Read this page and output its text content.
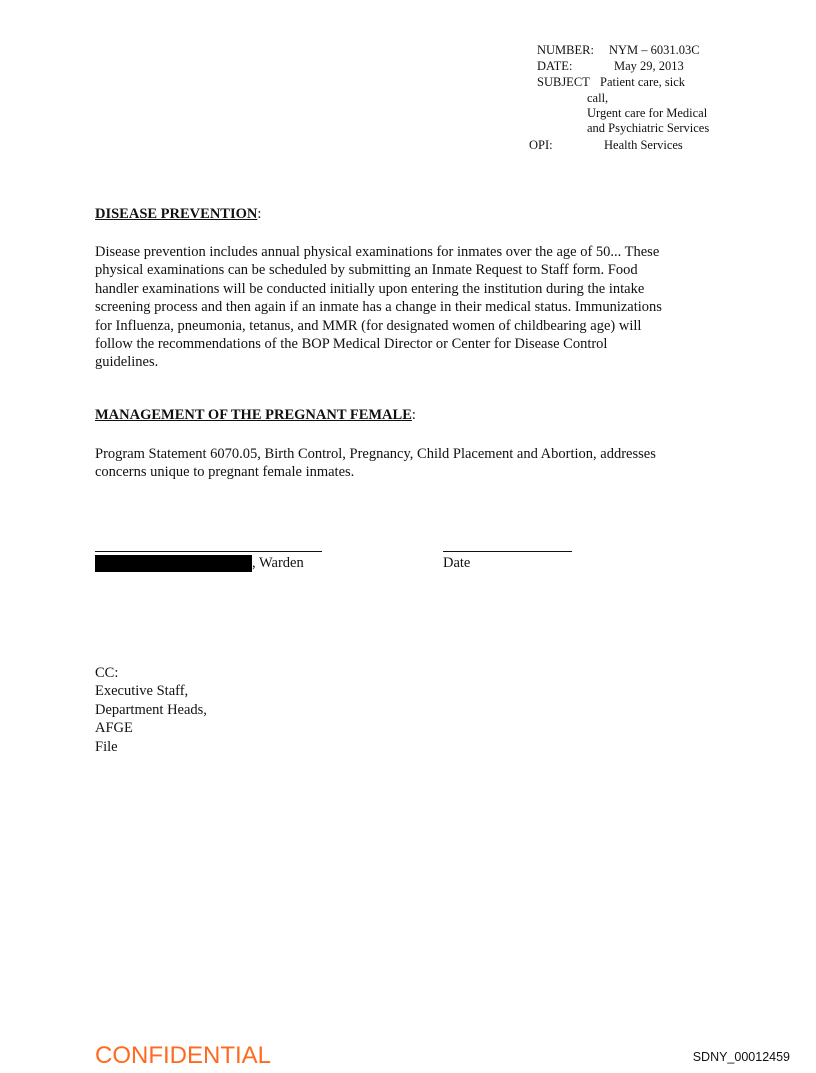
NUMBER: NYM – 6031.03C
DATE:	May 29, 2013
SUBJECT Patient care, sick
call,
Urgent care for Medical
and Psychiatric Services
OPI:	Health Services
DISEASE PREVENTION:
Disease prevention includes annual physical examinations for inmates over the age of 50... These
physical examinations can be scheduled by submitting an Inmate Request to Staff form. Food
handler examinations will be conducted initially upon entering the institution during the intake
screening process and then again if an inmate has a change in their medical status. Immunizations
for Influenza, pneumonia, tetanus, and MMR (for designated women of childbearing age) will
follow the recommendations of the BOP Medical Director or Center for Disease Control
guidelines.
MANAGEMENT OF THE PREGNANT FEMALE:
Program Statement 6070.05, Birth Control, Pregnancy, Child Placement and Abortion, addresses
concerns unique to pregnant female inmates.
, Warden	Date
CC:
Executive Staff,
Department Heads,
AFGE
File
CONFIDENTIAL	SDNY_00012459
